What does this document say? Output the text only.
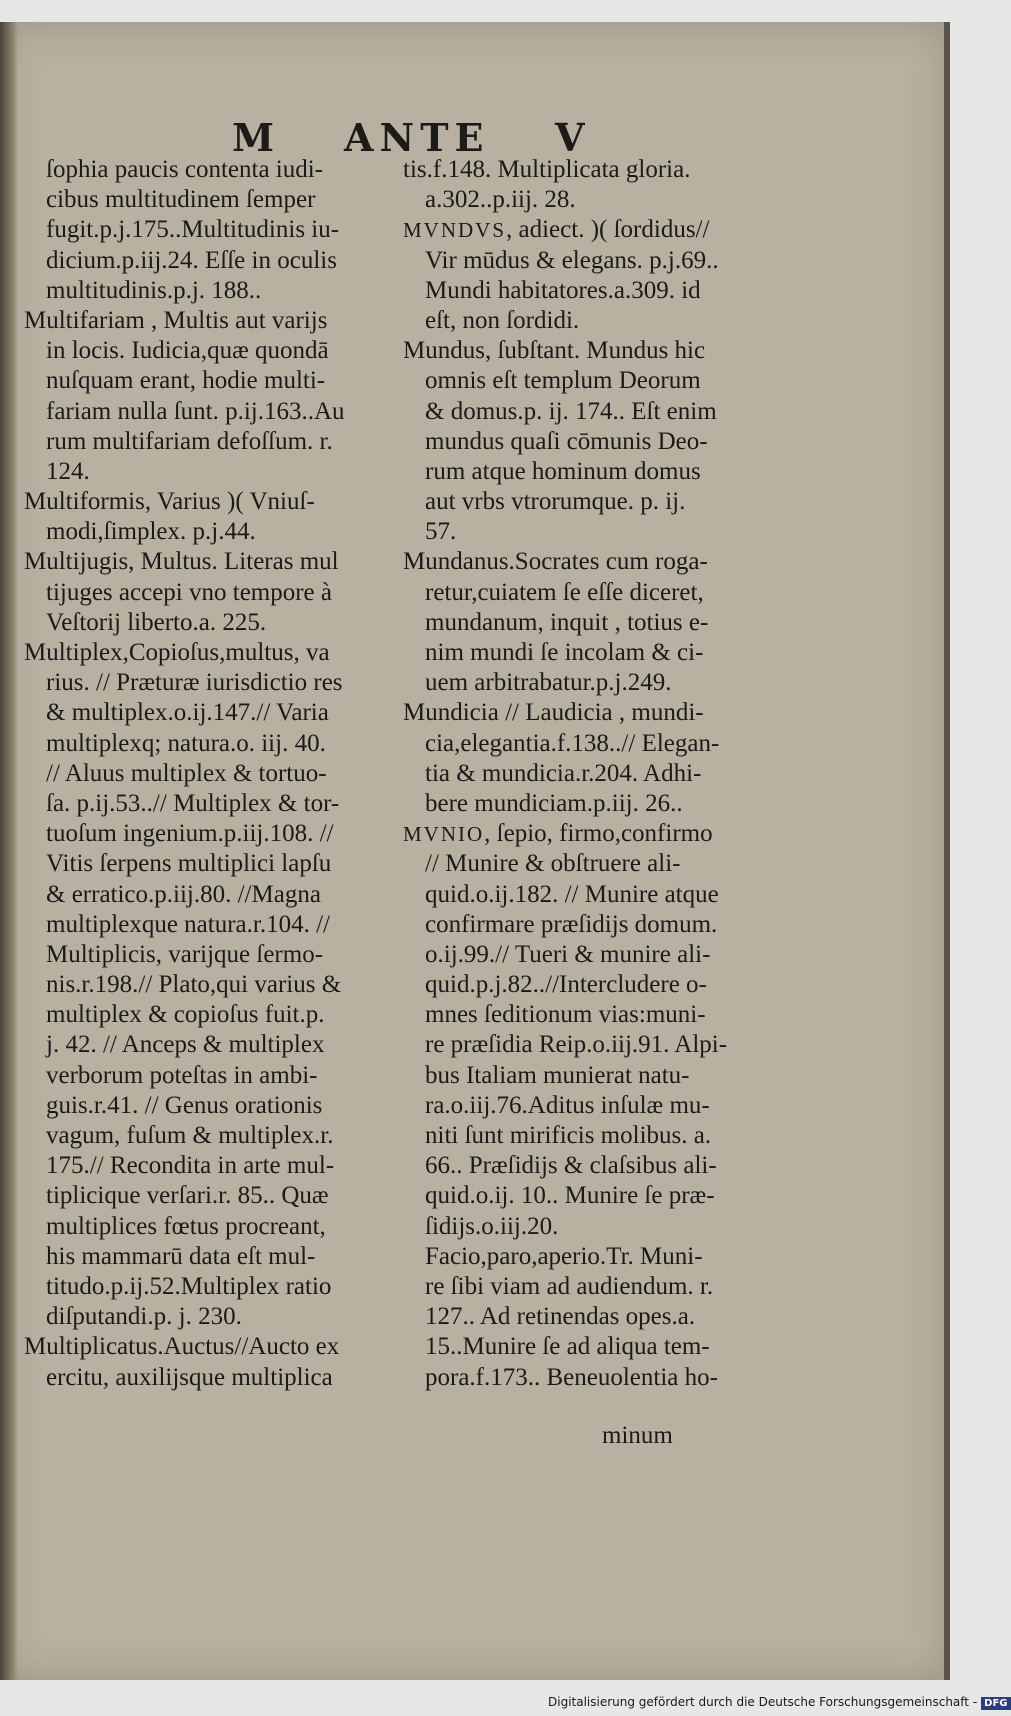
M ANTE V
ſophia paucis contenta iudi-
cibus multitudinem ſemper
fugit.p.j.175..Multitudinis iu-
dicium.p.iij.24. Eſſe in oculis
multitudinis.p.j. 188..
Multifariam , Multis aut varijs
in locis. Iudicia,quæ quondā
nuſquam erant, hodie multi-
fariam nulla ſunt. p.ij.163..Au
rum multifariam defoſſum. r.
124.
Multiformis, Varius )( Vniuſ-
modi,ſimplex. p.j.44.
Multijugis, Multus. Literas mul
tijuges accepi vno tempore à
Veſtorij liberto.a. 225.
Multiplex,Copioſus,multus, va
rius. // Præturæ iurisdictio res
& multiplex.o.ij.147.// Varia
multiplexq; natura.o. iij. 40.
// Aluus multiplex & tortuo-
ſa. p.ij.53..// Multiplex & tor-
tuoſum ingenium.p.iij.108. //
Vitis ſerpens multiplici lapſu
& erratico.p.iij.80. //Magna
multiplexque natura.r.104. //
Multiplicis, varijque ſermo-
nis.r.198.// Plato,qui varius &
multiplex & copioſus fuit.p.
j. 42. // Anceps & multiplex
verborum poteſtas in ambi-
guis.r.41. // Genus orationis
vagum, fuſum & multiplex.r.
175.// Recondita in arte mul-
tiplicique verſari.r. 85.. Quæ
multiplices fœtus procreant,
his mammarū data eſt mul-
titudo.p.ij.52.Multiplex ratio
diſputandi.p. j. 230.
Multiplicatus.Auctus//Aucto ex
ercitu, auxilijsque multiplica
tis.f.148. Multiplicata gloria.
a.302..p.iij. 28.
MVNDVS, adiect. )( ſordidus//
Vir mūdus & elegans. p.j.69..
Mundi habitatores.a.309. id
eſt, non ſordidi.
Mundus, ſubſtant. Mundus hic
omnis eſt templum Deorum
& domus.p. ij. 174.. Eſt enim
mundus quaſi cōmunis Deo-
rum atque hominum domus
aut vrbs vtrorumque. p. ij.
57.
Mundanus.Socrates cum roga-
retur,cuiatem ſe eſſe diceret,
mundanum, inquit , totius e-
nim mundi ſe incolam & ci-
uem arbitrabatur.p.j.249.
Mundicia // Laudicia , mundi-
cia,elegantia.f.138..// Elegan-
tia & mundicia.r.204. Adhi-
bere mundiciam.p.iij. 26..
MVNIO, ſepio, firmo,confirmo
// Munire & obſtruere ali-
quid.o.ij.182. // Munire atque
confirmare præſidijs domum.
o.ij.99.// Tueri & munire ali-
quid.p.j.82..//Intercludere o-
mnes ſeditionum vias:muni-
re præſidia Reip.o.iij.91. Alpi-
bus Italiam munierat natu-
ra.o.iij.76.Aditus inſulæ mu-
niti ſunt mirificis molibus. a.
66.. Præſidijs & claſsibus ali-
quid.o.ij. 10.. Munire ſe præ-
ſidijs.o.iij.20.
Facio,paro,aperio.Tr. Muni-
re ſibi viam ad audiendum. r.
127.. Ad retinendas opes.a.
15..Munire ſe ad aliqua tem-
pora.f.173.. Beneuolentia ho-
minum
Digitalisierung gefördert durch die Deutsche Forschungsgemeinschaft - DFG
